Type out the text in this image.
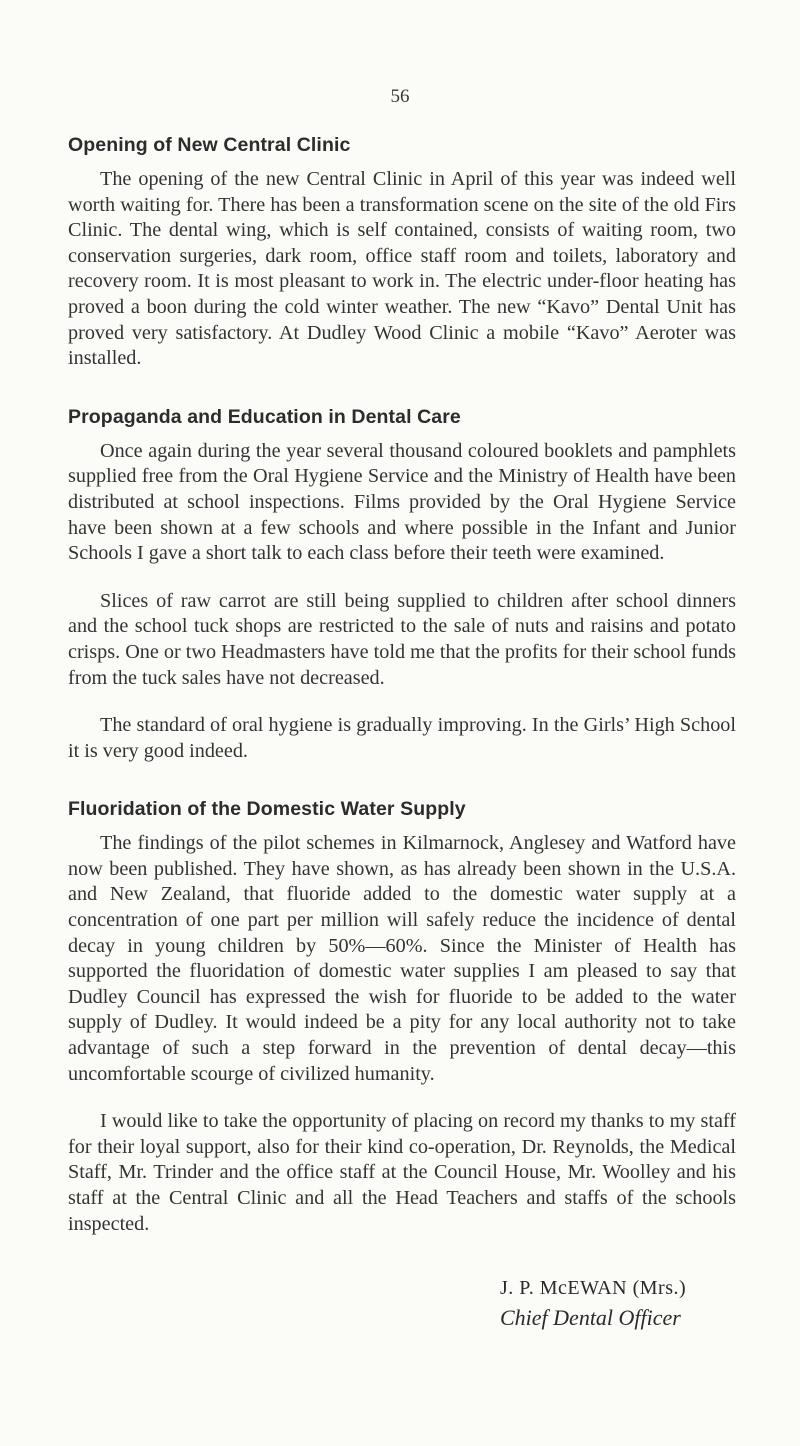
56
Opening of New Central Clinic

The opening of the new Central Clinic in April of this year was indeed well worth waiting for. There has been a transformation scene on the site of the old Firs Clinic. The dental wing, which is self contained, consists of waiting room, two conservation surgeries, dark room, office staff room and toilets, laboratory and recovery room. It is most pleasant to work in. The electric under-floor heating has proved a boon during the cold winter weather. The new “Kavo” Dental Unit has proved very satisfactory. At Dudley Wood Clinic a mobile “Kavo” Aeroter was installed.

Propaganda and Education in Dental Care

Once again during the year several thousand coloured booklets and pamphlets supplied free from the Oral Hygiene Service and the Ministry of Health have been distributed at school inspections. Films provided by the Oral Hygiene Service have been shown at a few schools and where possible in the Infant and Junior Schools I gave a short talk to each class before their teeth were examined.

Slices of raw carrot are still being supplied to children after school dinners and the school tuck shops are restricted to the sale of nuts and raisins and potato crisps. One or two Headmasters have told me that the profits for their school funds from the tuck sales have not decreased.

The standard of oral hygiene is gradually improving. In the Girls’ High School it is very good indeed.

Fluoridation of the Domestic Water Supply

The findings of the pilot schemes in Kilmarnock, Anglesey and Watford have now been published. They have shown, as has already been shown in the U.S.A. and New Zealand, that fluoride added to the domestic water supply at a concentration of one part per million will safely reduce the incidence of dental decay in young children by 50%—60%. Since the Minister of Health has supported the fluoridation of domestic water supplies I am pleased to say that Dudley Council has expressed the wish for fluoride to be added to the water supply of Dudley. It would indeed be a pity for any local authority not to take advantage of such a step forward in the prevention of dental decay—this uncomfortable scourge of civilized humanity.

I would like to take the opportunity of placing on record my thanks to my staff for their loyal support, also for their kind co-operation, Dr. Reynolds, the Medical Staff, Mr. Trinder and the office staff at the Council House, Mr. Woolley and his staff at the Central Clinic and all the Head Teachers and staffs of the schools inspected.

J. P. McEWAN (Mrs.)
Chief Dental Officer
